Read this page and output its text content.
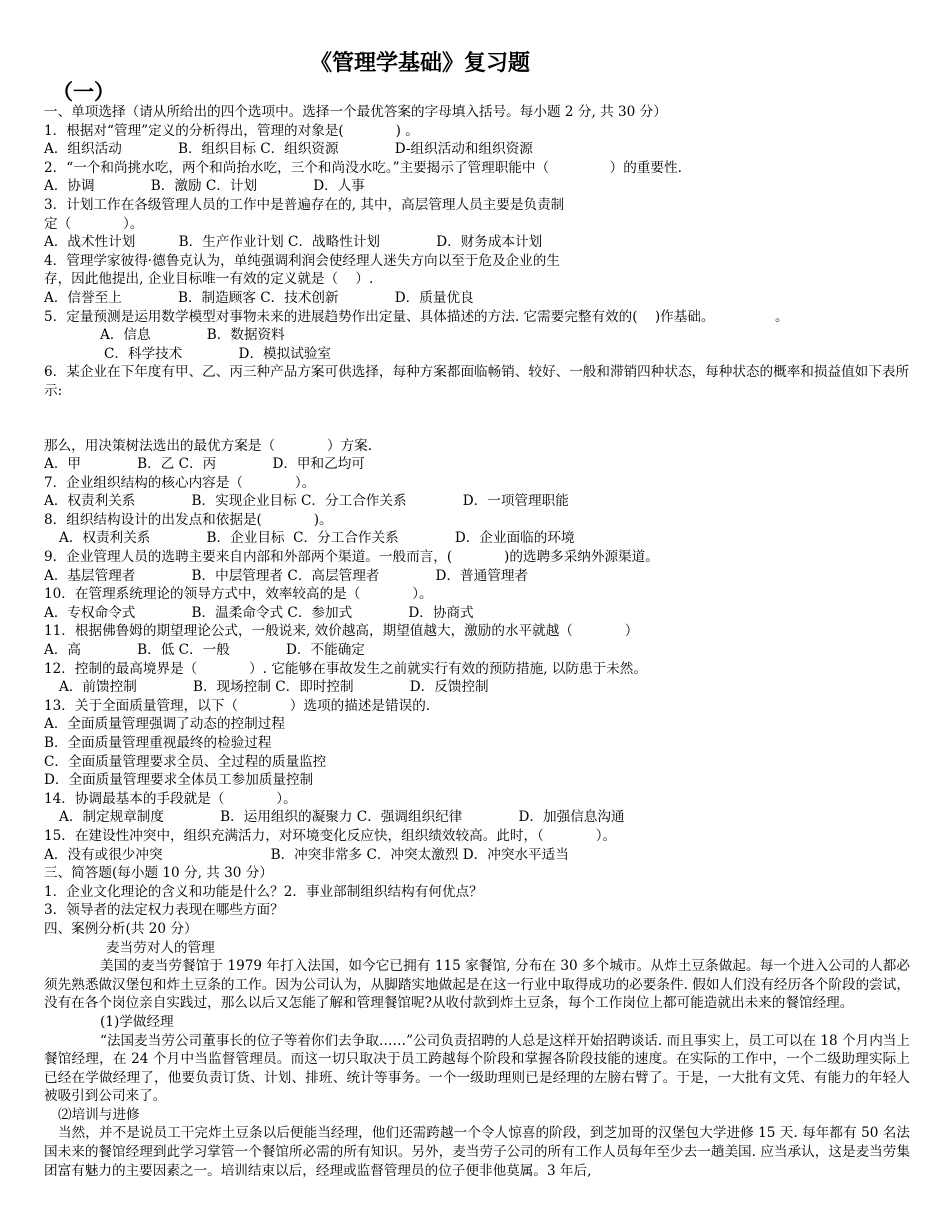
《管理学基础》复习题
（一）
一、单项选择（请从所给出的四个选项中。选择一个最优答案的字母填入括号。每小题 2 分, 共 30 分）
1．根据对“管理”定义的分析得出，管理的对象是(            ) 。
A．组织活动             B．组织目标 C．组织资源             D-组织活动和组织资源
2．“一个和尚挑水吃，两个和尚抬水吃，三个和尚没水吃。”主要揭示了管理职能中（              ）的重要性.
A．协调             B．激励 C．计划             D．人事
3．计划工作在各级管理人员的工作中是普遍存在的, 其中，高层管理人员主要是负责制
定（            ）。
A．战术性计划          B．生产作业计划 C．战略性计划             D．财务成本计划
4．管理学家彼得·德鲁克认为，单纯强调利润会使经理人迷失方向以至于危及企业的生
存，因此他提出, 企业目标唯一有效的定义就是（    ）.
A．信誉至上             B．制造顾客 C．技术创新             D．质量优良
5．定量预测是运用数学模型对事物未来的进展趋势作出定量、具体描述的方法. 它需要完整有效的(    )作基础。              。
A．信息             B．数据资料
C．科学技术             D．模拟试验室
6．某企业在下年度有甲、乙、丙三种产品方案可供选择，每种方案都面临畅销、较好、一般和滞销四种状态，每种状态的概率和损益值如下表所示:
那么，用决策树法选出的最优方案是（            ）方案.
A．甲             B．乙 C．丙             D．甲和乙均可
7．企业组织结构的核心内容是（            ）。
A．权责利关系             B．实现企业目标 C．分工合作关系             D．一项管理职能
8．组织结构设计的出发点和依据是(            )。
A．权责利关系             B．企业目标  C．分工合作关系             D．企业面临的环境
9．企业管理人员的选聘主要来自内部和外部两个渠道。一般而言，(            )的选聘多采纳外源渠道。
A．基层管理者             B．中层管理者 C．高层管理者             D．普通管理者
10．在管理系统理论的领导方式中，效率较高的是（            ）。
A．专权命令式             B．温柔命令式 C．参加式             D．协商式
11．根据佛鲁姆的期望理论公式，一般说来, 效价越高，期望值越大，激励的水平就越（            ）
A．高             B．低 C．一般             D．不能确定
12．控制的最高境界是（            ）. 它能够在事故发生之前就实行有效的预防措施, 以防患于未然。
A．前馈控制             B．现场控制 C．即时控制             D．反馈控制
13．关于全面质量管理，以下（            ）选项的描述是错误的.
A．全面质量管理强调了动态的控制过程
B．全面质量管理重视最终的检验过程
C．全面质量管理要求全员、全过程的质量监控
D．全面质量管理要求全体员工参加质量控制
14．协调最基本的手段就是（            ）。
A．制定规章制度             B．运用组织的凝聚力 C．强调组织纪律             D．加强信息沟通
15．在建设性冲突中，组织充满活力，对环境变化反应快，组织绩效较高。此时，（            ）。
A．没有或很少冲突                         B．冲突非常多 C．冲突太激烈 D．冲突水平适当
三、简答题(每小题 10 分, 共 30 分）
1．企业文化理论的含义和功能是什么？2．事业部制组织结构有何优点？
3．领导者的法定权力表现在哪些方面？
四、案例分析(共 20 分）
麦当劳对人的管理
美国的麦当劳餐馆于 1979 年打入法国，如今它已拥有 115 家餐馆, 分布在 30 多个城市。从炸土豆条做起。每一个进入公司的人都必须先熟悉做汉堡包和炸土豆条的工作。因为公司认为，从脚踏实地做起是在这一行业中取得成功的必要条件. 假如人们没有经历各个阶段的尝试，没有在各个岗位亲自实践过，那么以后又怎能了解和管理餐馆呢?从收付款到炸土豆条，每个工作岗位上都可能造就出未来的餐馆经理。
(1)学做经理
“法国麦当劳公司董事长的位子等着你们去争取……”公司负责招聘的人总是这样开始招聘谈话. 而且事实上，员工可以在 18 个月内当上餐馆经理，在 24 个月中当监督管理员。而这一切只取决于员工跨越每个阶段和掌握各阶段技能的速度。在实际的工作中，一个二级助理实际上已经在学做经理了，他要负责订货、计划、排班、统计等事务。一个一级助理则已是经理的左膀右臂了。于是，一大批有文凭、有能力的年轻人被吸引到公司来了。
⑵培训与进修
当然，并不是说员工干完炸土豆条以后便能当经理，他们还需跨越一个令人惊喜的阶段，到芝加哥的汉堡包大学进修 15 天. 每年都有 50 名法国未来的餐馆经理到此学习掌管一个餐馆所必需的所有知识。另外，麦当劳子公司的所有工作人员每年至少去一趟美国. 应当承认，这是麦当劳集团富有魅力的主要因素之一。培训结束以后，经理或监督管理员的位子便非他莫属。3 年后,
